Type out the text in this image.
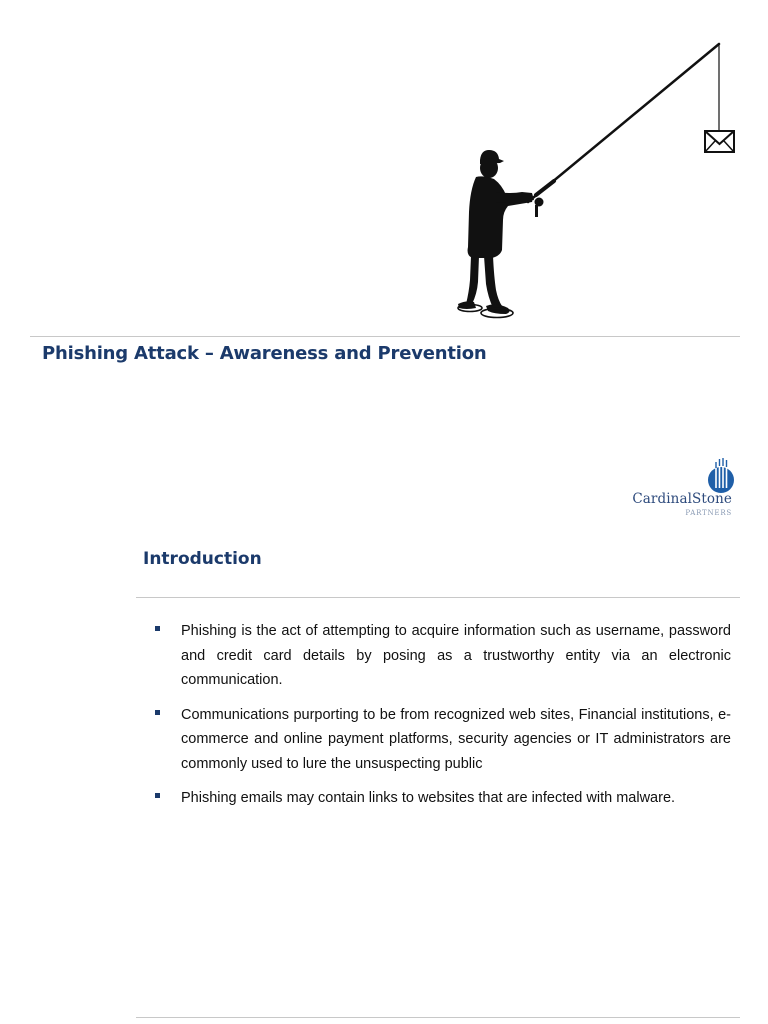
Phishing Attack – Awareness and Prevention
CardinalStone
PARTNERS
Introduction
Phishing is the act of attempting to acquire information such as username, password and credit card details by posing as a trustworthy entity via an electronic communication.
Communications purporting to be from recognized web sites, Financial institutions, e-commerce and online payment platforms, security agencies or IT administrators are commonly used to lure the unsuspecting public
Phishing emails may contain links to websites that are infected with malware.
